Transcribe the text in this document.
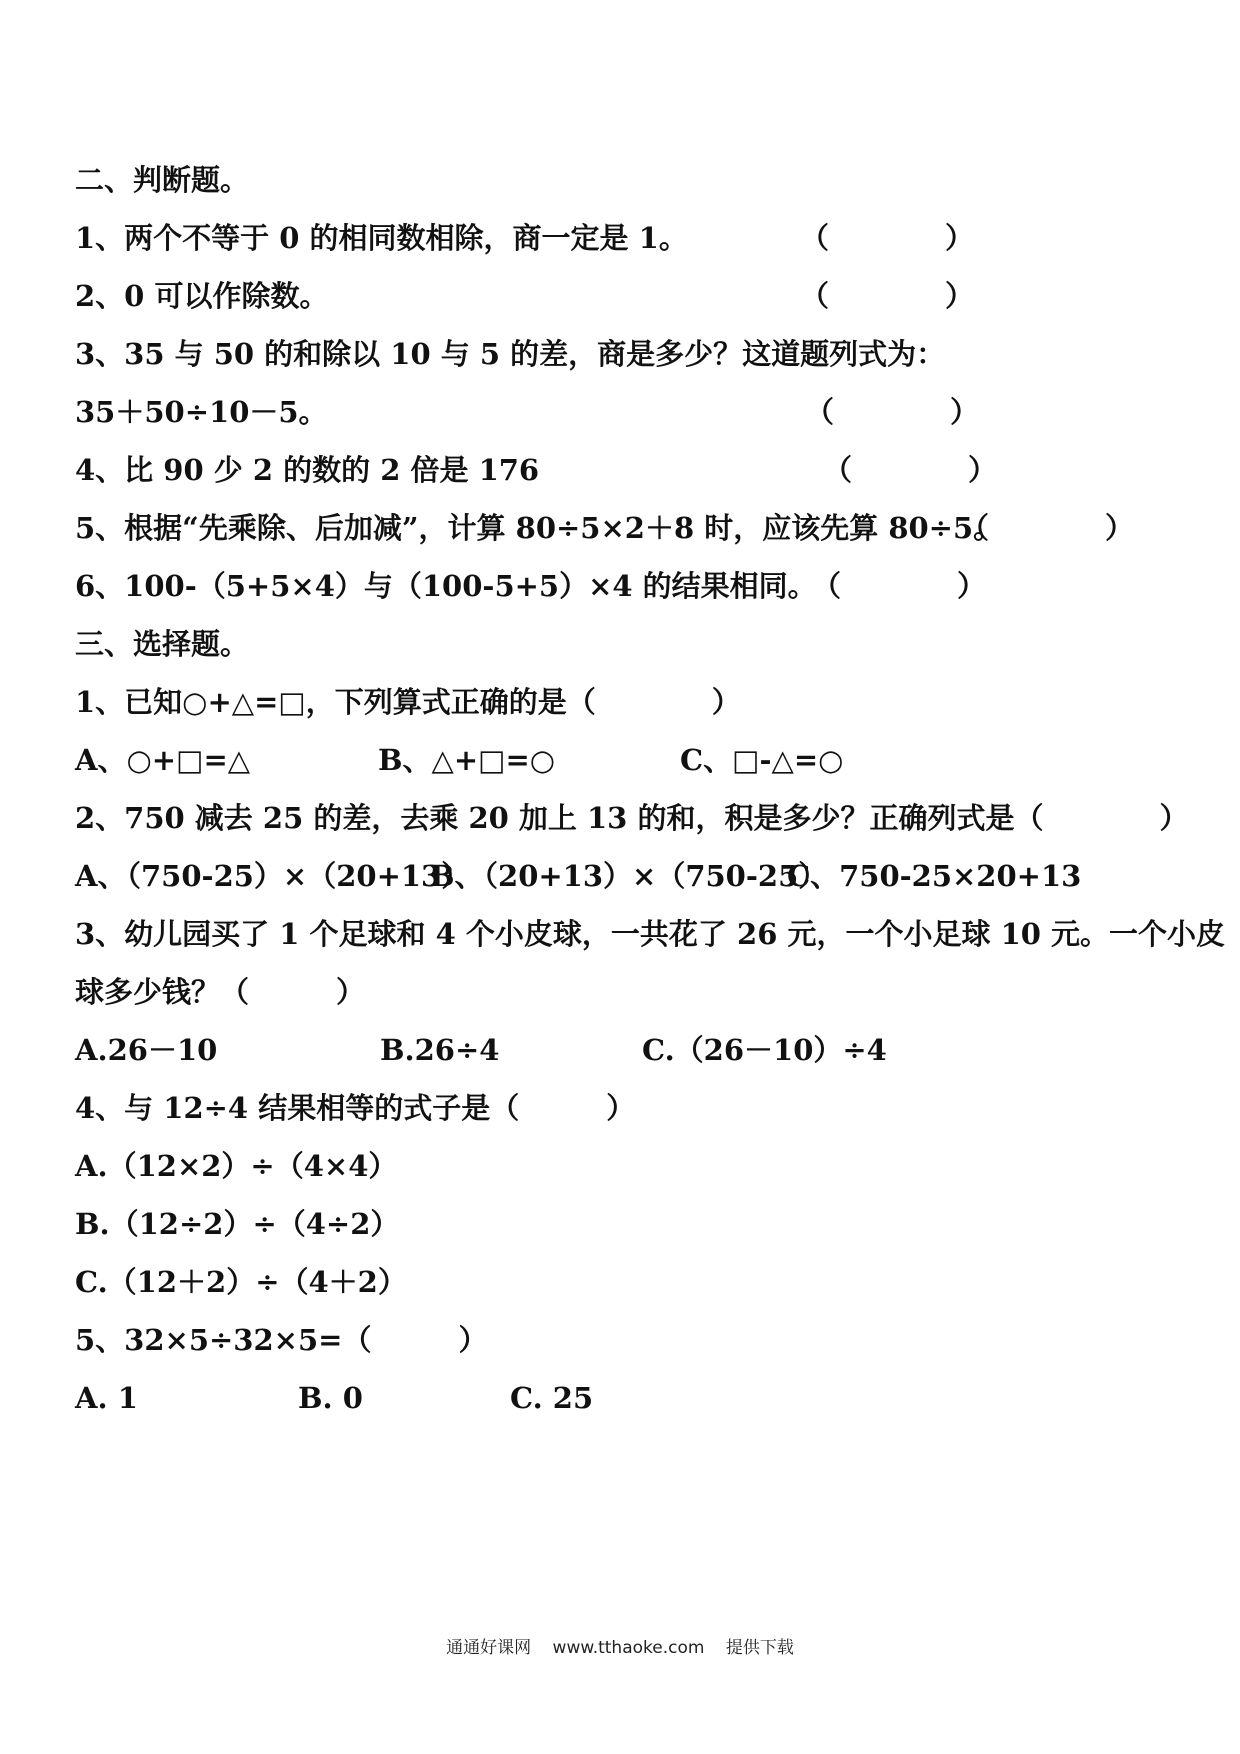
二、判断题。
1、两个不等于 0 的相同数相除，商一定是 1。	（　　　　）
2、0 可以作除数。	（　　　　）
3、35 与 50 的和除以 10 与 5 的差，商是多少？这道题列式为：
35＋50÷10－5。	（　　　　）
4、比 90 少 2 的数的 2 倍是 176	（　　　　）
5、根据“先乘除、后加减”，计算 80÷5×2＋8 时，应该先算 80÷5。
（　　　　）
6、100-（5+5×4）与（100-5+5）×4 的结果相同。
（　　　　）
三、选择题。
1、已知○+△=□，下列算式正确的是（　　　　）
A、○+□=△	B、△+□=○	C、□-△=○
2、750 减去 25 的差，去乘 20 加上 13 的和，积是多少？正确列式是（　　　　）
A、（750-25）×（20+13）
B、（20+13）×（750-25）
C、750-25×20+13
3、幼儿园买了 1 个足球和 4 个小皮球，一共花了 26 元，一个小足球 10 元。一个小皮
球多少钱？（　　　）
A.26－10	B.26÷4	C.（26－10）÷4
4、与 12÷4 结果相等的式子是（　　　）
A.（12×2）÷（4×4）
B.（12÷2）÷（4÷2）
C.（12＋2）÷（4＋2）
5、32×5÷32×5=（　　　）
A. 1	B. 0	C. 25
通通好课网 www.tthaoke.com 提供下载
